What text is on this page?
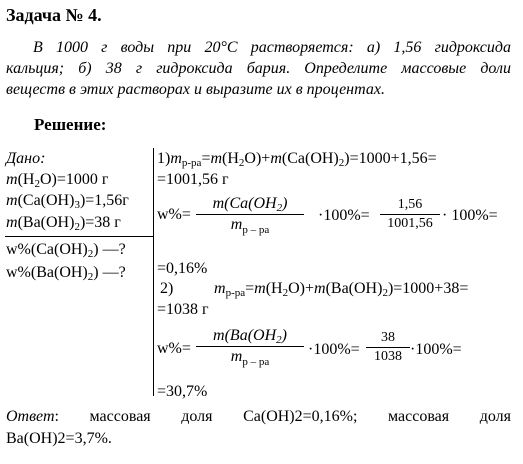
Задача № 4.
В 1000 г воды при 20°С растворяется: а) 1,56 гидроксида
кальция; б) 38 г гидроксида бария. Определите массовые доли
веществ в этих растворах и выразите их в процентах.
Решение:
Дано:
$m(H_2O)=1000$ г
$m(Ca(OH)_3)=1,56г$
$m(Ba(OH)_2)=38$ г
$w\%(Ca(OH)_2)$ —?
$w\%(Ba(OH)_2)$ —?
$1)m_{р-ра}=m(H_2O)+m(Ca(OH)_2)=1000+1,56=$
=1001,56 г
w%=
$m(Ca(OH_2)$
$m_{p - pa}$
·100%=
1,56
1001,56 · 100%=
=0,16%
2)	$m_{р-ра}=m(H_2O)+m(Ba(OH)_2)=1000+38=$
=1038 г
w%=
$m(Ba(OH_2)$
$m_{p - pa}$
·100%=
38
1038 ·100%=
=30,7%
Ответ: массовая доля Ca(OH)2=0,16%; массовая доля
Ba(OH)2=3,7%.
